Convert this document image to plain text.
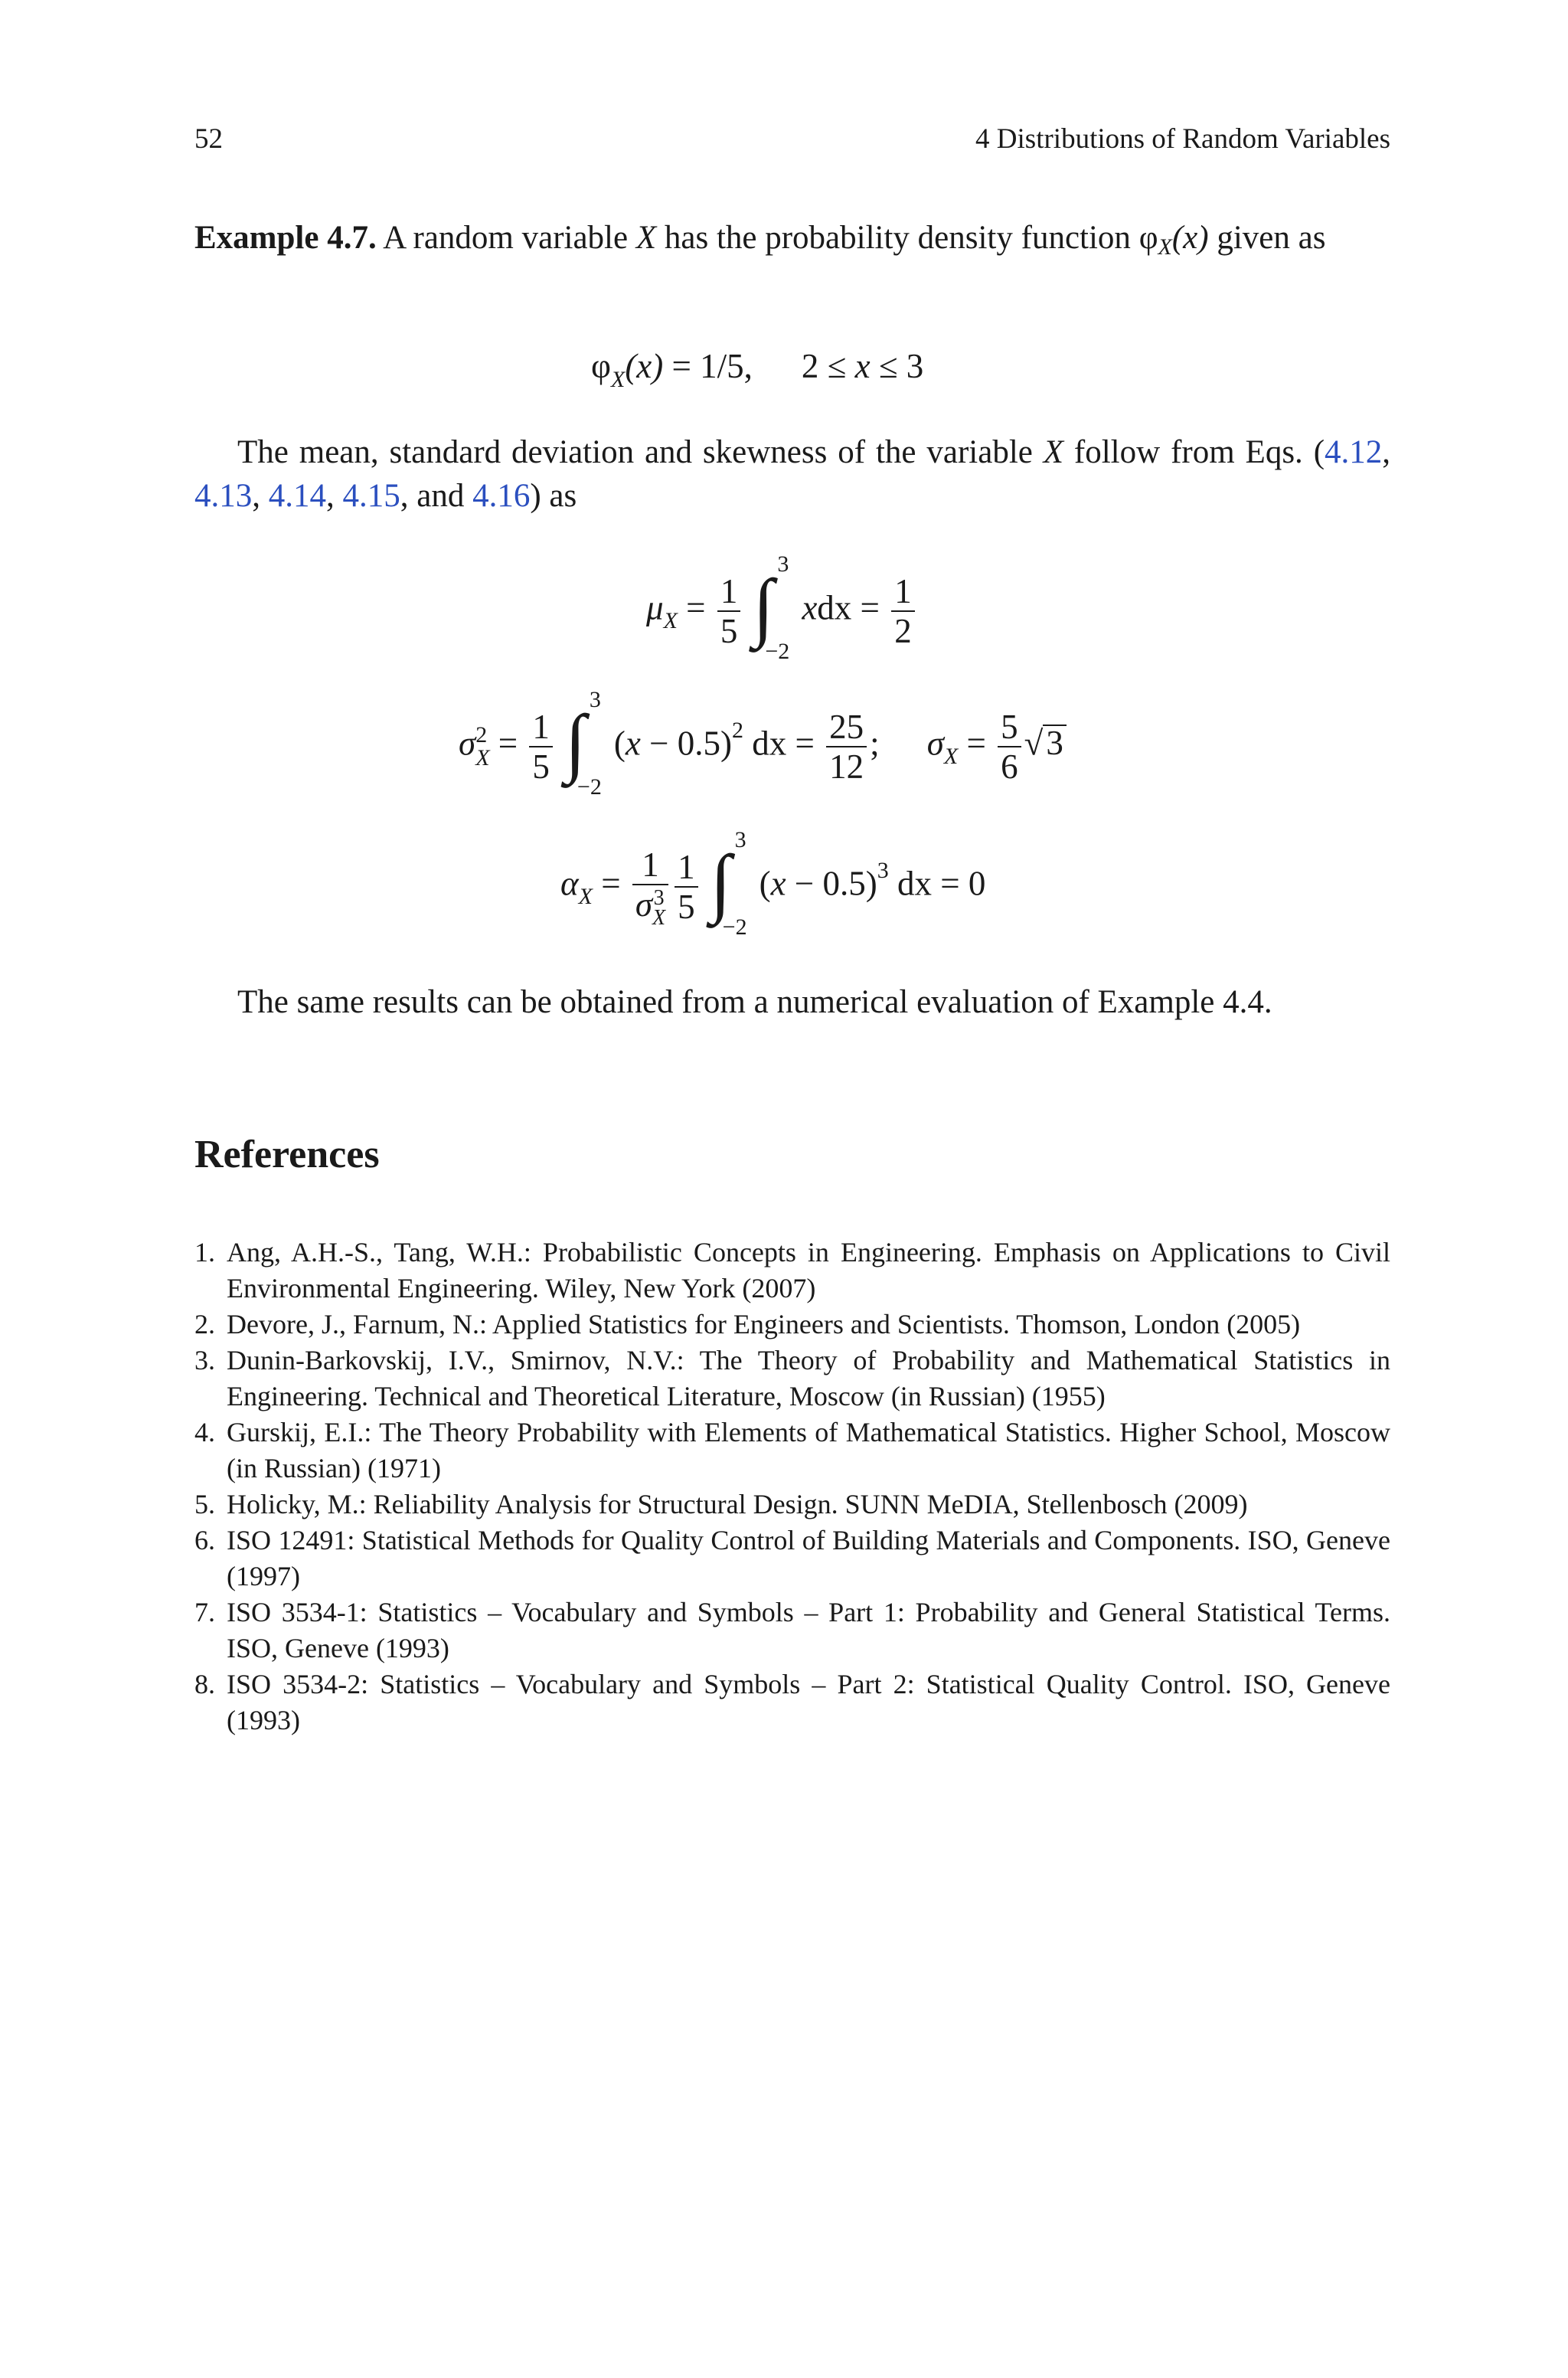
52	4 Distributions of Random Variables

Example 4.7. A random variable X has the probability density function φX(x) given as

$\varphi_X(x) = 1/5$, 2 ≤ x ≤ 3

The mean, standard deviation and skewness of the variable X follow from Eqs. (4.12, 4.13, 4.14, 4.15, and 4.16) as

$\mu_X = \frac{1}{5}$ ∫ 3
−2
xdx = $\frac{1}{2}$
σ 2
$X = \frac{1}{5}$ ∫ 3
−2
$(x - 0.5)^2$ dx = $\frac{25}{12}$ ; $\sigma_X = \frac{5}{6} √3$
$\alpha_X = 1$
σ 3
X $\frac{1}{5}$ ∫ 3
−2
$(x - 0.5)^3$ dx = 0

The same results can be obtained from a numerical evaluation of Example 4.4.

References
1. Ang, A.H.-S., Tang, W.H.: Probabilistic Concepts in Engineering. Emphasis on Applications to Civil Environmental Engineering. Wiley, New York (2007)
2. Devore, J., Farnum, N.: Applied Statistics for Engineers and Scientists. Thomson, London (2005)
3. Dunin-Barkovskij, I.V., Smirnov, N.V.: The Theory of Probability and Mathematical Statistics in Engineering. Technical and Theoretical Literature, Moscow (in Russian) (1955)
4. Gurskij, E.I.: The Theory Probability with Elements of Mathematical Statistics. Higher School, Moscow (in Russian) (1971)
5. Holicky, M.: Reliability Analysis for Structural Design. SUNN MeDIA, Stellenbosch (2009)
6. ISO 12491: Statistical Methods for Quality Control of Building Materials and Components. ISO, Geneve (1997)
7. ISO 3534-1: Statistics – Vocabulary and Symbols – Part 1: Probability and General Statistical Terms. ISO, Geneve (1993)
8. ISO 3534-2: Statistics – Vocabulary and Symbols – Part 2: Statistical Quality Control. ISO, Geneve (1993)
